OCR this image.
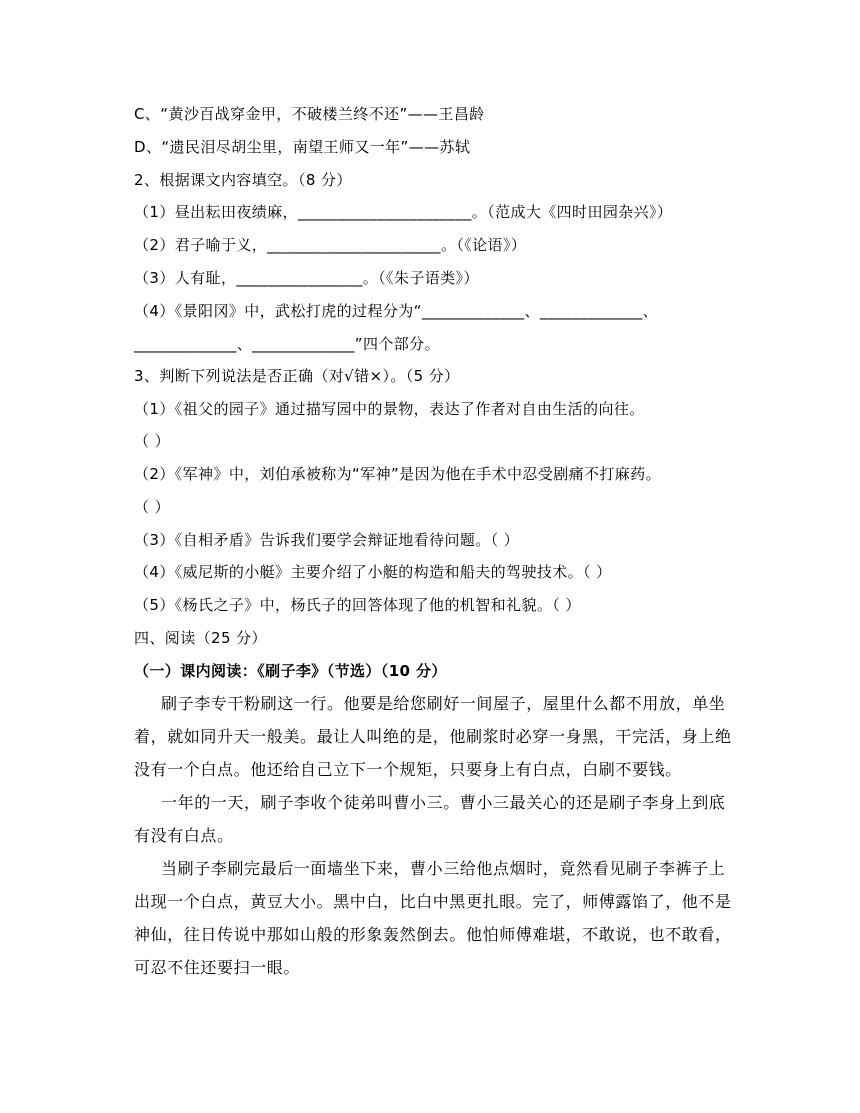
C、“黄沙百战穿金甲，不破楼兰终不还”——王昌龄
D、“遗民泪尽胡尘里，南望王师又一年”——苏轼
2、根据课文内容填空。（8 分）
（1）昼出耘田夜绩麻，______________________。（范成大《四时田园杂兴》）
（2）君子喻于义，______________________。（《论语》）
（3）人有耻，________________。（《朱子语类》）
（4）《景阳冈》中，武松打虎的过程分为“_____________、_____________、
_____________、_____________”四个部分。
3、判断下列说法是否正确（对√错×）。（5 分）
（1）《祖父的园子》通过描写园中的景物，表达了作者对自由生活的向往。
（ ）
（2）《军神》中，刘伯承被称为“军神”是因为他在手术中忍受剧痛不打麻药。
（ ）
（3）《自相矛盾》告诉我们要学会辩证地看待问题。（ ）
（4）《威尼斯的小艇》主要介绍了小艇的构造和船夫的驾驶技术。（ ）
（5）《杨氏之子》中，杨氏子的回答体现了他的机智和礼貌。（ ）
四、阅读（25 分）
（一）课内阅读：《刷子李》（节选）（10 分）
刷子李专干粉刷这一行。他要是给您刷好一间屋子，屋里什么都不用放，单坐
着，就如同升天一般美。最让人叫绝的是，他刷浆时必穿一身黑，干完活，身上绝
没有一个白点。他还给自己立下一个规矩，只要身上有白点，白刷不要钱。
一年的一天，刷子李收个徒弟叫曹小三。曹小三最关心的还是刷子李身上到底
有没有白点。
当刷子李刷完最后一面墙坐下来，曹小三给他点烟时，竟然看见刷子李裤子上
出现一个白点，黄豆大小。黑中白，比白中黑更扎眼。完了，师傅露馅了，他不是
神仙，往日传说中那如山般的形象轰然倒去。他怕师傅难堪，不敢说，也不敢看，
可忍不住还要扫一眼。
